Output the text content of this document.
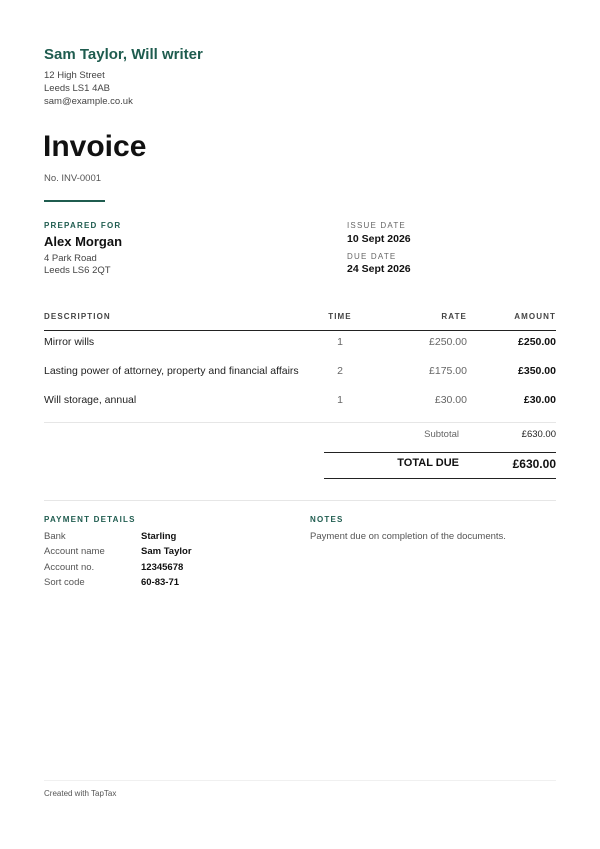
Sam Taylor, Will writer
12 High Street
Leeds LS1 4AB
sam@example.co.uk
Invoice
No. INV-0001
PREPARED FOR
Alex Morgan
4 Park Road
Leeds LS6 2QT
ISSUE DATE
10 Sept 2026
DUE DATE
24 Sept 2026
DESCRIPTION	TIME	RATE	AMOUNT
Mirror wills	1	£250.00	£250.00
Lasting power of attorney, property and financial affairs	2	£175.00	£350.00
Will storage, annual	1	£30.00	£30.00
Subtotal	£630.00
TOTAL DUE	£630.00
PAYMENT DETAILS
Bank	Starling
Account name	Sam Taylor
Account no.	12345678
Sort code	60-83-71
NOTES
Payment due on completion of the documents.
Created with TapTax
